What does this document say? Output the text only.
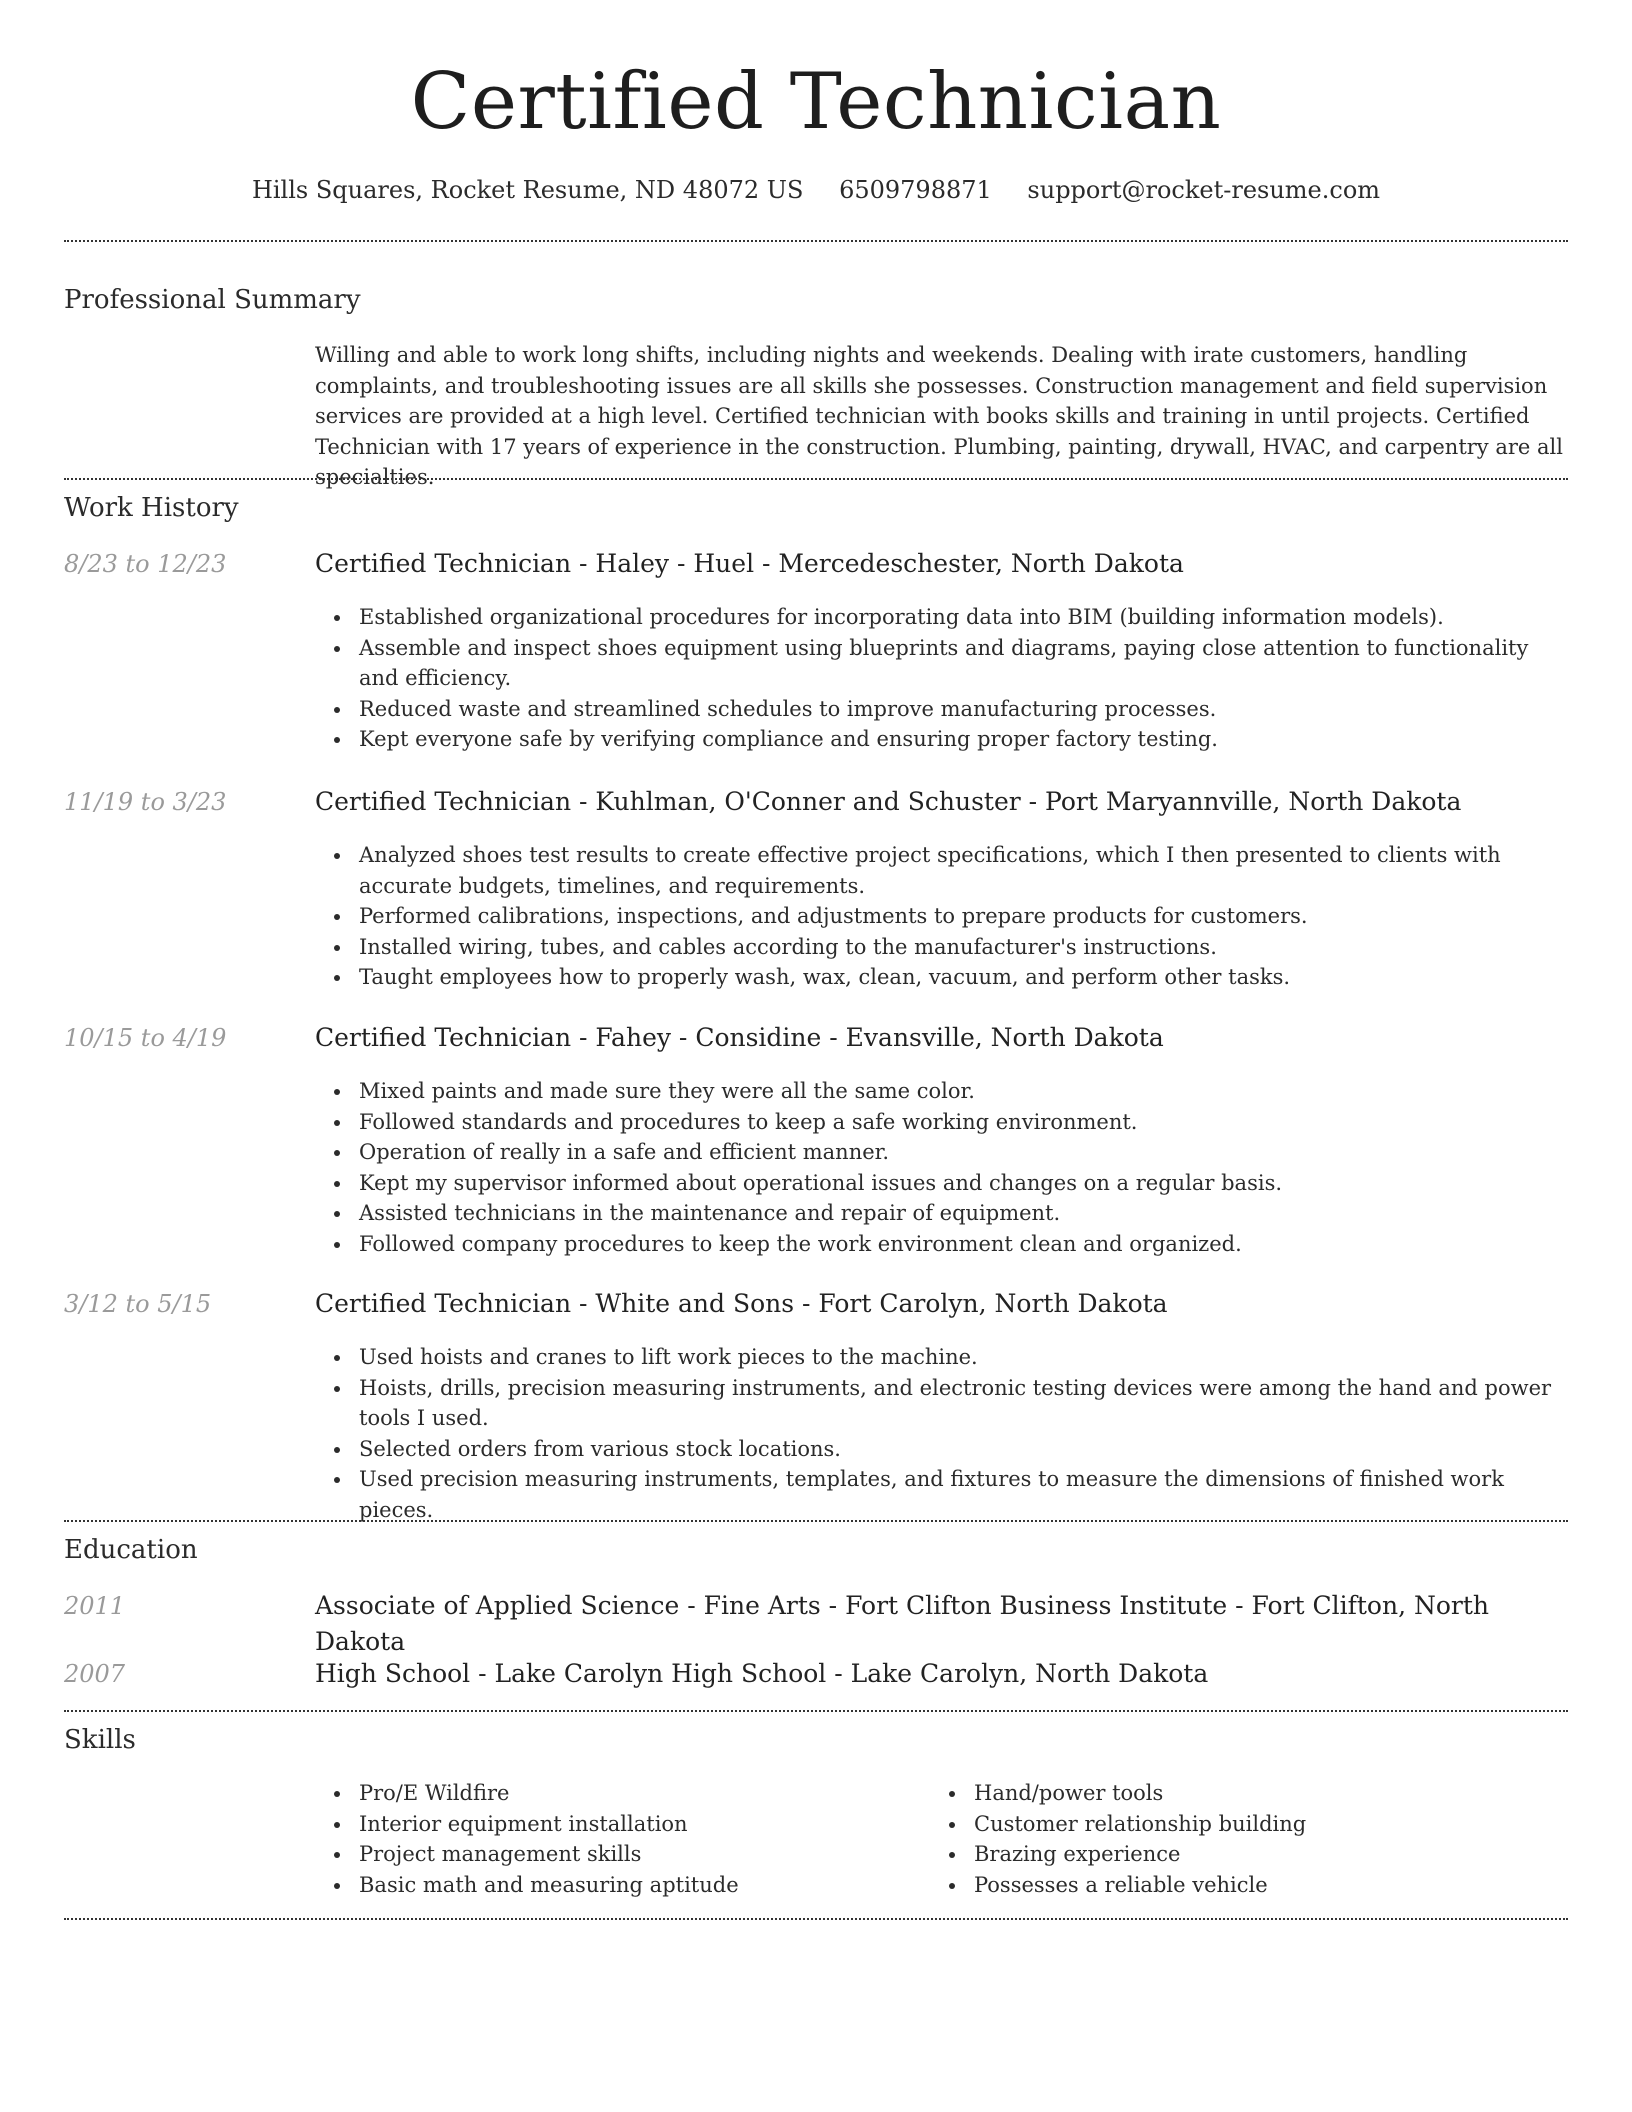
Certified Technician
Hills Squares, Rocket Resume, ND 48072 US 6509798871 support@rocket-resume.com
Professional Summary
Willing and able to work long shifts, including nights and weekends. Dealing with irate customers, handling complaints, and troubleshooting issues are all skills she possesses. Construction management and field supervision services are provided at a high level. Certified technician with books skills and training in until projects. Certified Technician with 17 years of experience in the construction. Plumbing, painting, drywall, HVAC, and carpentry are all specialties.
Work History
8/23 to 12/23	Certified Technician - Haley - Huel - Mercedeschester, North Dakota
Established organizational procedures for incorporating data into BIM (building information models).
Assemble and inspect shoes equipment using blueprints and diagrams, paying close attention to functionality and efficiency.
Reduced waste and streamlined schedules to improve manufacturing processes.
Kept everyone safe by verifying compliance and ensuring proper factory testing.
11/19 to 3/23	Certified Technician - Kuhlman, O'Conner and Schuster - Port Maryannville, North Dakota
Analyzed shoes test results to create effective project specifications, which I then presented to clients with accurate budgets, timelines, and requirements.
Performed calibrations, inspections, and adjustments to prepare products for customers.
Installed wiring, tubes, and cables according to the manufacturer's instructions.
Taught employees how to properly wash, wax, clean, vacuum, and perform other tasks.
10/15 to 4/19	Certified Technician - Fahey - Considine - Evansville, North Dakota
Mixed paints and made sure they were all the same color.
Followed standards and procedures to keep a safe working environment.
Operation of really in a safe and efficient manner.
Kept my supervisor informed about operational issues and changes on a regular basis.
Assisted technicians in the maintenance and repair of equipment.
Followed company procedures to keep the work environment clean and organized.
3/12 to 5/15	Certified Technician - White and Sons - Fort Carolyn, North Dakota
Used hoists and cranes to lift work pieces to the machine.
Hoists, drills, precision measuring instruments, and electronic testing devices were among the hand and power tools I used.
Selected orders from various stock locations.
Used precision measuring instruments, templates, and fixtures to measure the dimensions of finished work pieces.
Education
2011	Associate of Applied Science - Fine Arts - Fort Clifton Business Institute - Fort Clifton, North Dakota
2007	High School - Lake Carolyn High School - Lake Carolyn, North Dakota
Skills
Pro/E Wildfire
Interior equipment installation
Project management skills
Basic math and measuring aptitude
Hand/power tools
Customer relationship building
Brazing experience
Possesses a reliable vehicle
